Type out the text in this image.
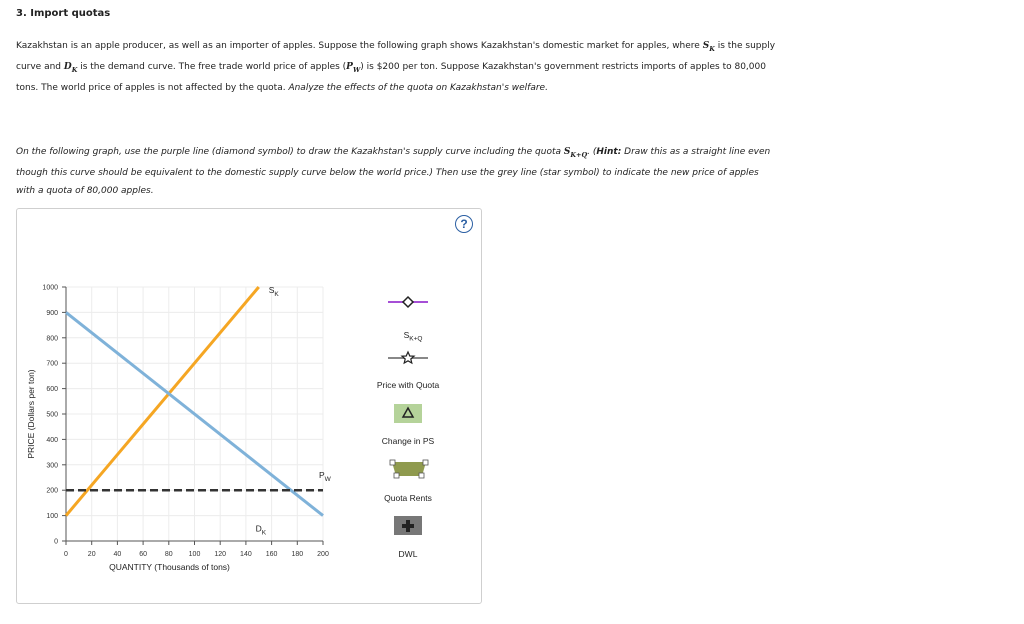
3. Import quotas
Kazakhstan is an apple producer, as well as an importer of apples. Suppose the following graph shows Kazakhstan's domestic market for apples, where $S_K$ is the supply curve and $D_K$ is the demand curve. The free trade world price of apples $(P_W)$ is $200 per ton. Suppose Kazakhstan's government restricts imports of apples to 80,000 tons. The world price of apples is not affected by the quota. Analyze the effects of the quota on Kazakhstan's welfare.
On the following graph, use the purple line (diamond symbol) to draw the Kazakhstan's supply curve including the quota $S_{K+Q}$. (Hint: Draw this as a straight line even though this curve should be equivalent to the domestic supply curve below the world price.) Then use the grey line (star symbol) to indicate the new price of apples with a quota of 80,000 apples.
?
0
100
200
300
400
500
600
700
800
900
1000
0	20	40	60	80 100 120 140 160 180 200
QUANTITY (Thousands of tons)
PRICE (Dollars per ton)
$S_K$
$D_K$
$P_W$
$S_{K+Q}$
Price with Quota
Change in PS
Quota Rents
DWL
